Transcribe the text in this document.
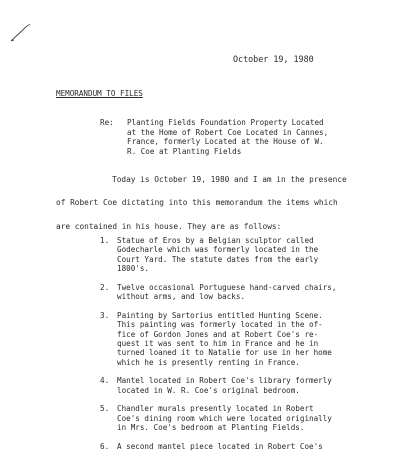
October 19, 1980
MEMORANDUM TO FILES
Re: Planting Fields Foundation Property Located
at the Home of Robert Coe Located in Cannes,
France, formerly Located at the House of W.
R. Coe at Planting Fields
Today is October 19, 1980 and I am in the presence
of Robert Coe dictating into this memorandum the items which
are contained in his house. They are as follows:
1.	Statue of Eros by a Belgian sculptor called
Godecharle which was formerly located in the
Court Yard. The statute dates from the early
1800's.
2.	Twelve occasional Portuguese hand-carved chairs,
without arms, and low backs.
3.	Painting by Sartorius entitled Hunting Scene.
This painting was formerly located in the of-
fice of Gordon Jones and at Robert Coe's re-
quest it was sent to him in France and he in
turned loaned it to Natalie for use in her home
which he is presently renting in France.
4.	Mantel located in Robert Coe's library formerly
located in W. R. Coe's original bedroom.
5.	Chandler murals presently located in Robert
Coe's dining room which were located originally
in Mrs. Coe's bedroom at Planting Fields.
6.	A second mantel piece located in Robert Coe's
